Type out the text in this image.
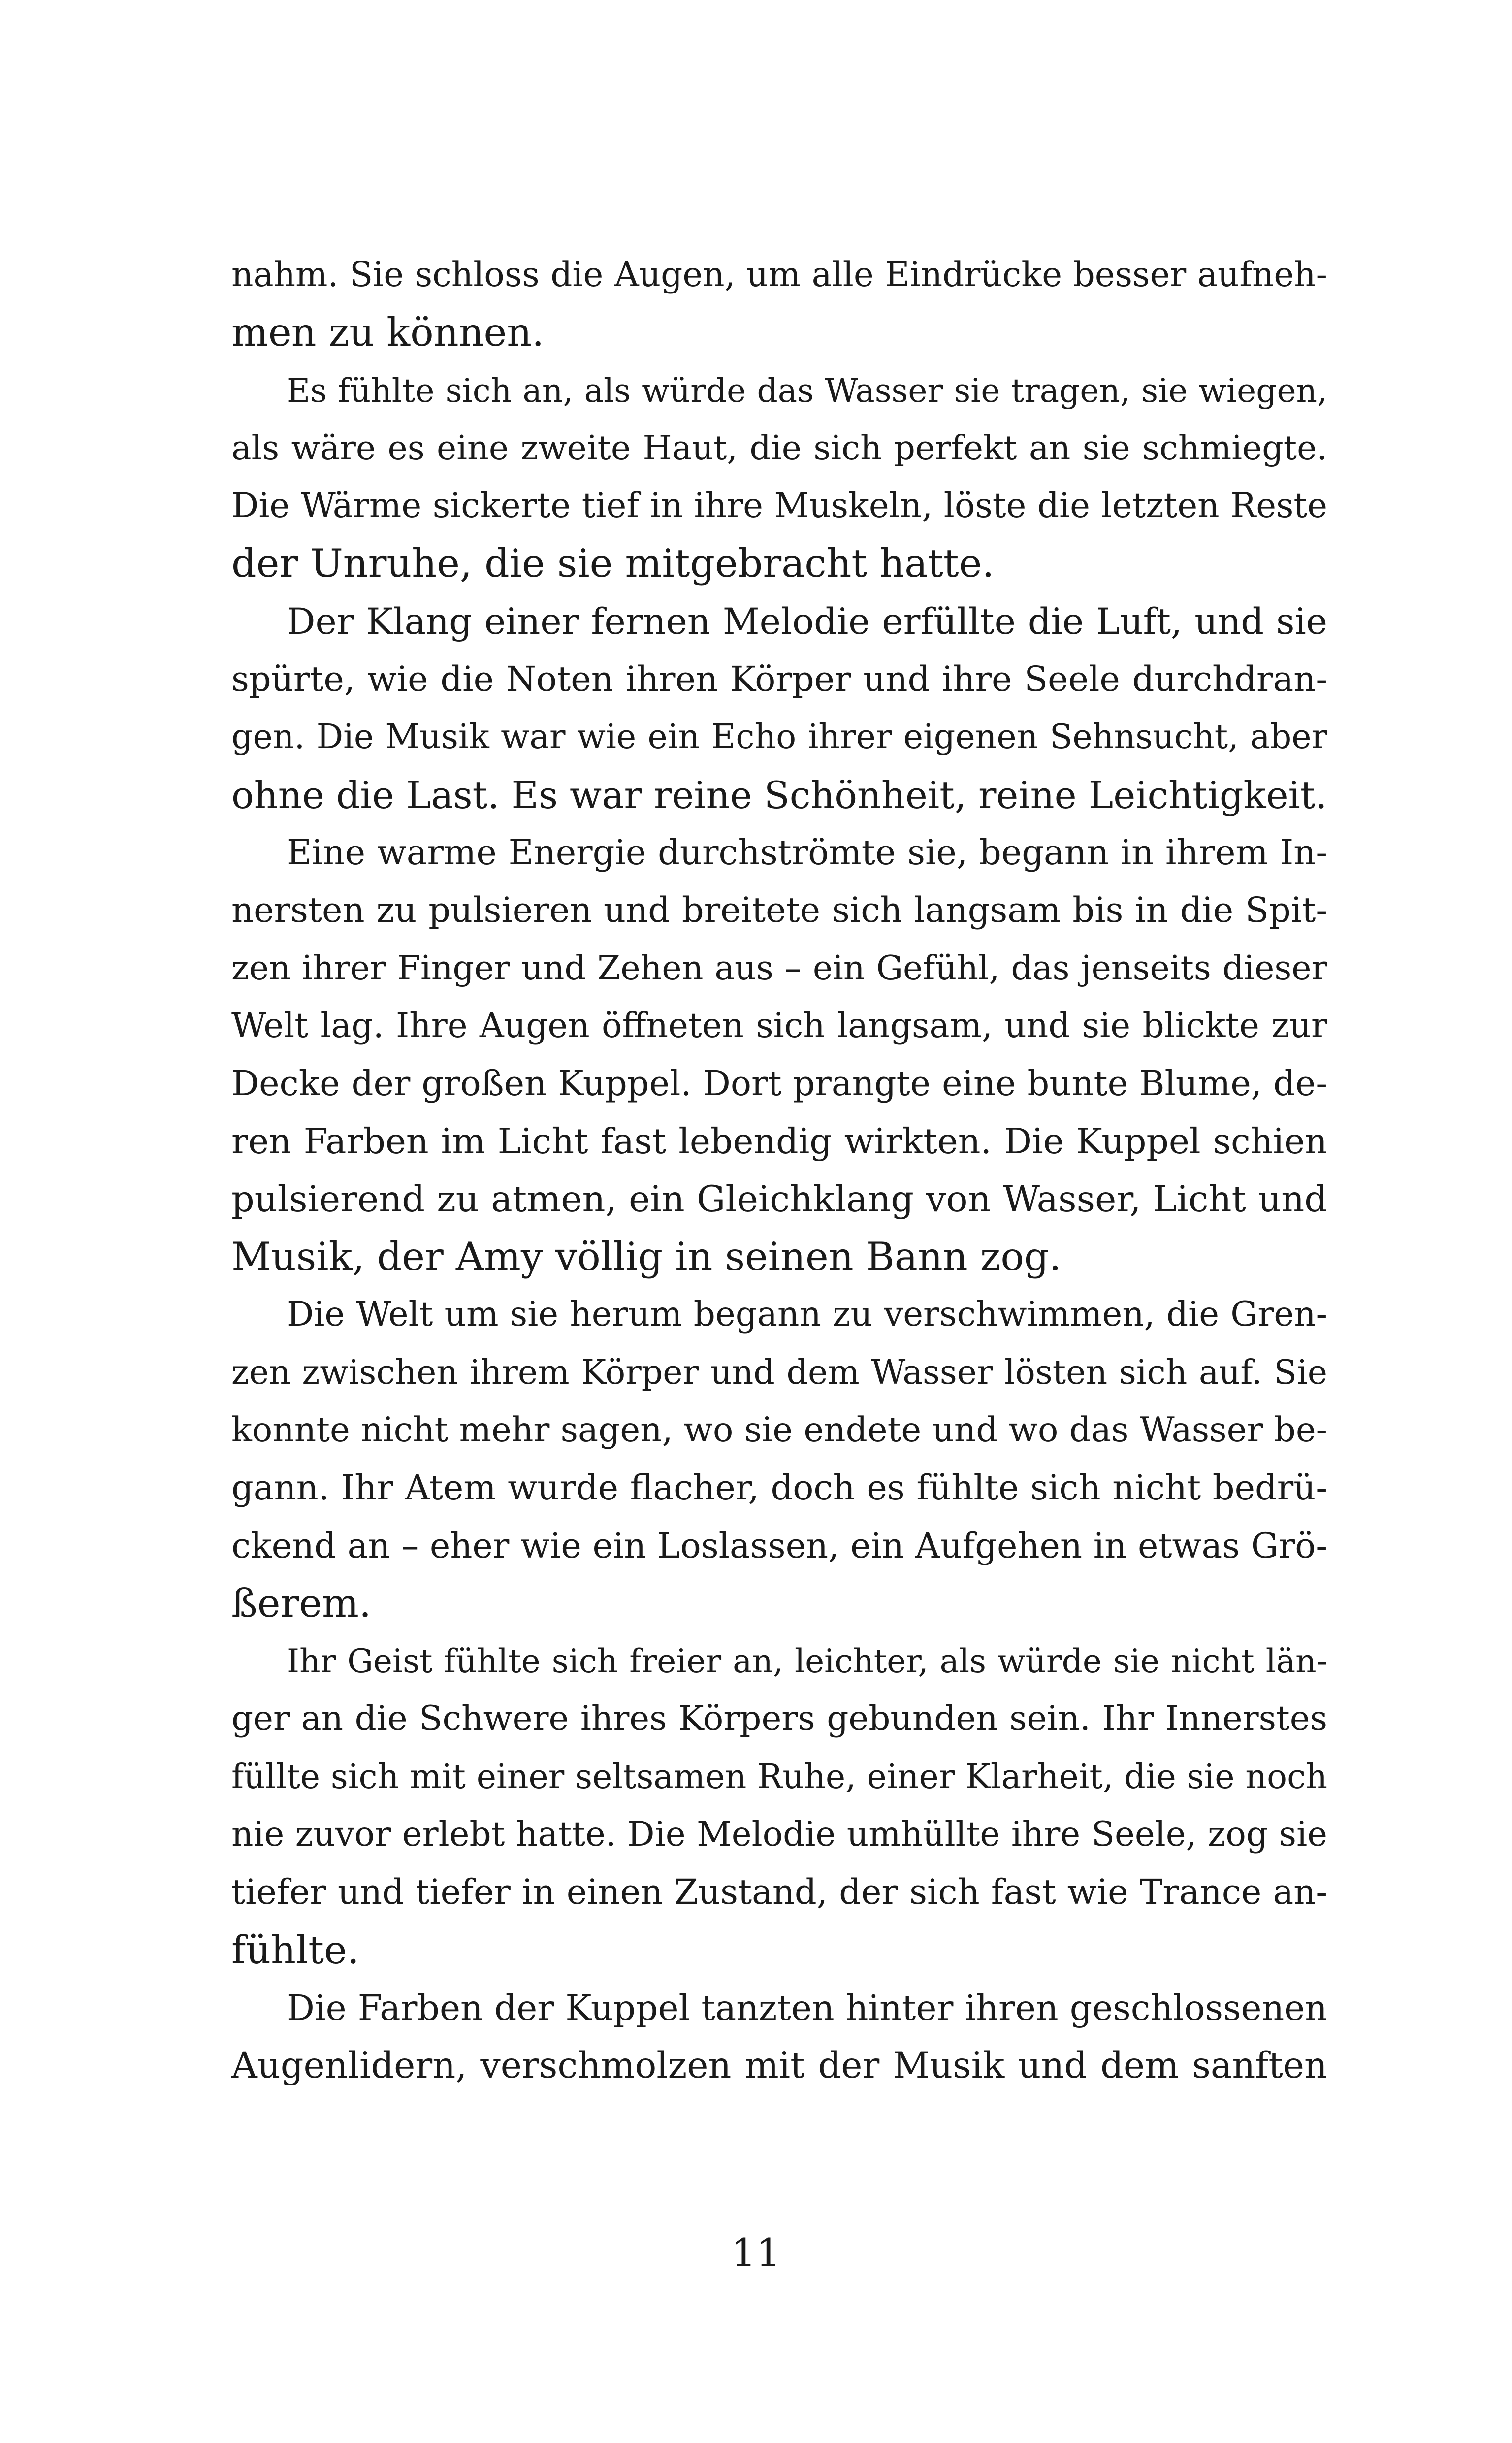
nahm. Sie schloss die Augen, um alle Eindrücke besser aufneh-
men zu können.
Es fühlte sich an, als würde das Wasser sie tragen, sie wiegen,
als wäre es eine zweite Haut, die sich perfekt an sie schmiegte.
Die Wärme sickerte tief in ihre Muskeln, löste die letzten Reste
der Unruhe, die sie mitgebracht hatte.
Der Klang einer fernen Melodie erfüllte die Luft, und sie
spürte, wie die Noten ihren Körper und ihre Seele durchdran-
gen. Die Musik war wie ein Echo ihrer eigenen Sehnsucht, aber
ohne die Last. Es war reine Schönheit, reine Leichtigkeit.
Eine warme Energie durchströmte sie, begann in ihrem In-
nersten zu pulsieren und breitete sich langsam bis in die Spit-
zen ihrer Finger und Zehen aus – ein Gefühl, das jenseits dieser
Welt lag. Ihre Augen öffneten sich langsam, und sie blickte zur
Decke der großen Kuppel. Dort prangte eine bunte Blume, de-
ren Farben im Licht fast lebendig wirkten. Die Kuppel schien
pulsierend zu atmen, ein Gleichklang von Wasser, Licht und
Musik, der Amy völlig in seinen Bann zog.
Die Welt um sie herum begann zu verschwimmen, die Gren-
zen zwischen ihrem Körper und dem Wasser lösten sich auf. Sie
konnte nicht mehr sagen, wo sie endete und wo das Wasser be-
gann. Ihr Atem wurde flacher, doch es fühlte sich nicht bedrü-
ckend an – eher wie ein Loslassen, ein Aufgehen in etwas Grö-
ßerem.
Ihr Geist fühlte sich freier an, leichter, als würde sie nicht län-
ger an die Schwere ihres Körpers gebunden sein. Ihr Innerstes
füllte sich mit einer seltsamen Ruhe, einer Klarheit, die sie noch
nie zuvor erlebt hatte. Die Melodie umhüllte ihre Seele, zog sie
tiefer und tiefer in einen Zustand, der sich fast wie Trance an-
fühlte.
Die Farben der Kuppel tanzten hinter ihren geschlossenen
Augenlidern, verschmolzen mit der Musik und dem sanften
11
